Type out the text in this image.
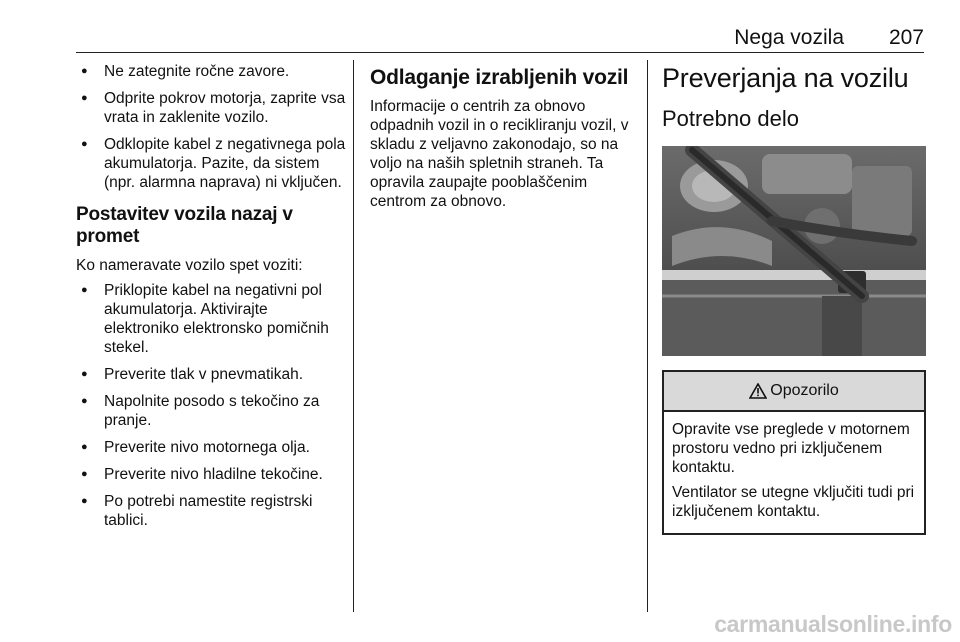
Nega vozila 207
● Ne zategnite ročne zavore.
● Odprite pokrov motorja, zaprite vsa vrata in zaklenite vozilo.
● Odklopite kabel z negativnega pola akumulatorja. Pazite, da sistem (npr. alarmna naprava) ni vključen.
Postavitev vozila nazaj v promet

Ko nameravate vozilo spet voziti:

● Priklopite kabel na negativni pol akumulatorja. Aktivirajte elektroniko elektronsko pomičnih stekel.
● Preverite tlak v pnevmatikah.
● Napolnite posodo s tekočino za pranje.
● Preverite nivo motornega olja.
● Preverite nivo hladilne tekočine.
● Po potrebi namestite registrski tablici.
Odlaganje izrabljenih vozil

Informacije o centrih za obnovo odpadnih vozil in o recikliranju vozil, v skladu z veljavno zakonodajo, so na voljo na naših spletnih straneh. Ta opravila zaupajte pooblaščenim centrom za obnovo.

Preverjanja na vozilu
Potrebno delo
Opozorilo

Opravite vse preglede v motornem prostoru vedno pri izključenem kontaktu.

Ventilator se utegne vključiti tudi pri izključenem kontaktu.

carmanualsonline.info
